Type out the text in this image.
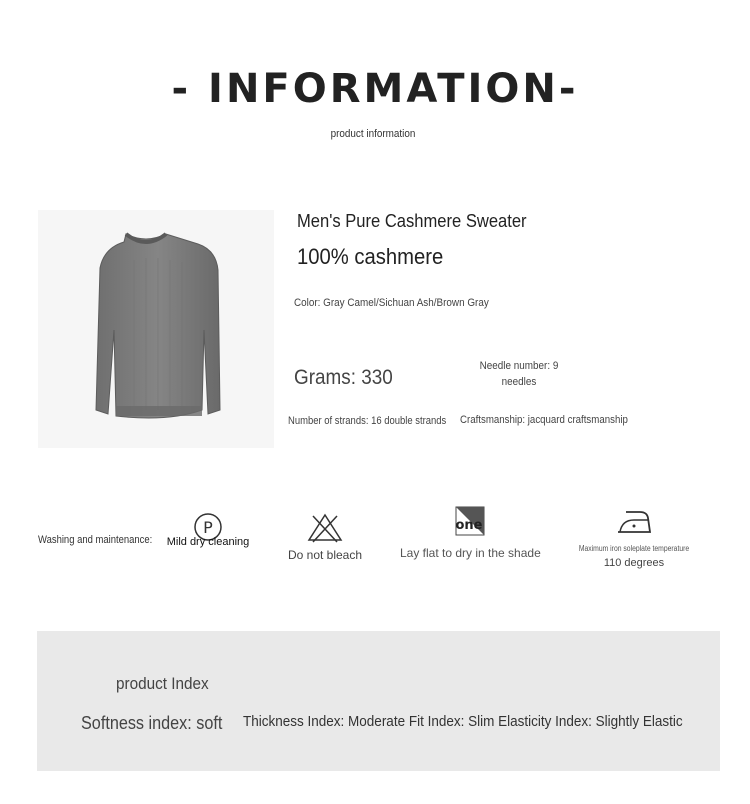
- INFORMATION-
product information
Men's Pure Cashmere Sweater
100% cashmere
Color: Gray Camel/Sichuan Ash/Brown Gray
Grams: 330	Needle number: 9 needles
Number of strands: 16 double strands Craftsmanship: jacquard craftsmanship
Washing and maintenance:
P
Mild dry cleaning
Do not bleach
one
Lay flat to dry in the shade	Maximum iron soleplate temperature
110 degrees
product Index
Softness index: soft Thickness Index: Moderate Fit Index: Slim Elasticity Index: Slightly Elastic
